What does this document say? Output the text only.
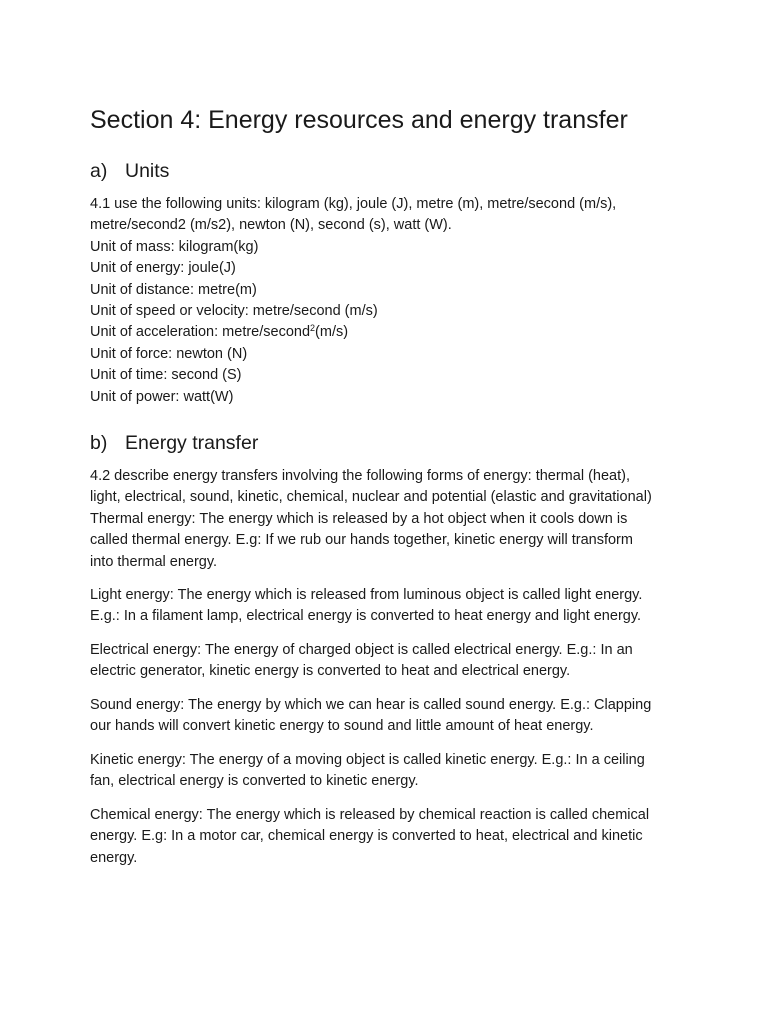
Section 4: Energy resources and energy transfer
a) Units

4.1 use the following units: kilogram (kg), joule (J), metre (m), metre/second (m/s),

metre/second2 (m/s2), newton (N), second (s), watt (W).

Unit of mass: kilogram(kg)

Unit of energy: joule(J)

Unit of distance: metre(m)

Unit of speed or velocity: metre/second (m/s)

Unit of acceleration: metre/second$^2$(m/s)

Unit of force: newton (N)

Unit of time: second (S)

Unit of power: watt(W)

b) Energy transfer

4.2 describe energy transfers involving the following forms of energy: thermal (heat),

light, electrical, sound, kinetic, chemical, nuclear and potential (elastic and gravitational)

Thermal energy: The energy which is released by a hot object when it cools down is

called thermal energy. E.g: If we rub our hands together, kinetic energy will transform

into thermal energy.

Light energy: The energy which is released from luminous object is called light energy.

E.g.: In a filament lamp, electrical energy is converted to heat energy and light energy.

Electrical energy: The energy of charged object is called electrical energy. E.g.: In an

electric generator, kinetic energy is converted to heat and electrical energy.

Sound energy: The energy by which we can hear is called sound energy. E.g.: Clapping

our hands will convert kinetic energy to sound and little amount of heat energy.

Kinetic energy: The energy of a moving object is called kinetic energy. E.g.: In a ceiling

fan, electrical energy is converted to kinetic energy.

Chemical energy: The energy which is released by chemical reaction is called chemical

energy. E.g: In a motor car, chemical energy is converted to heat, electrical and kinetic

energy.
